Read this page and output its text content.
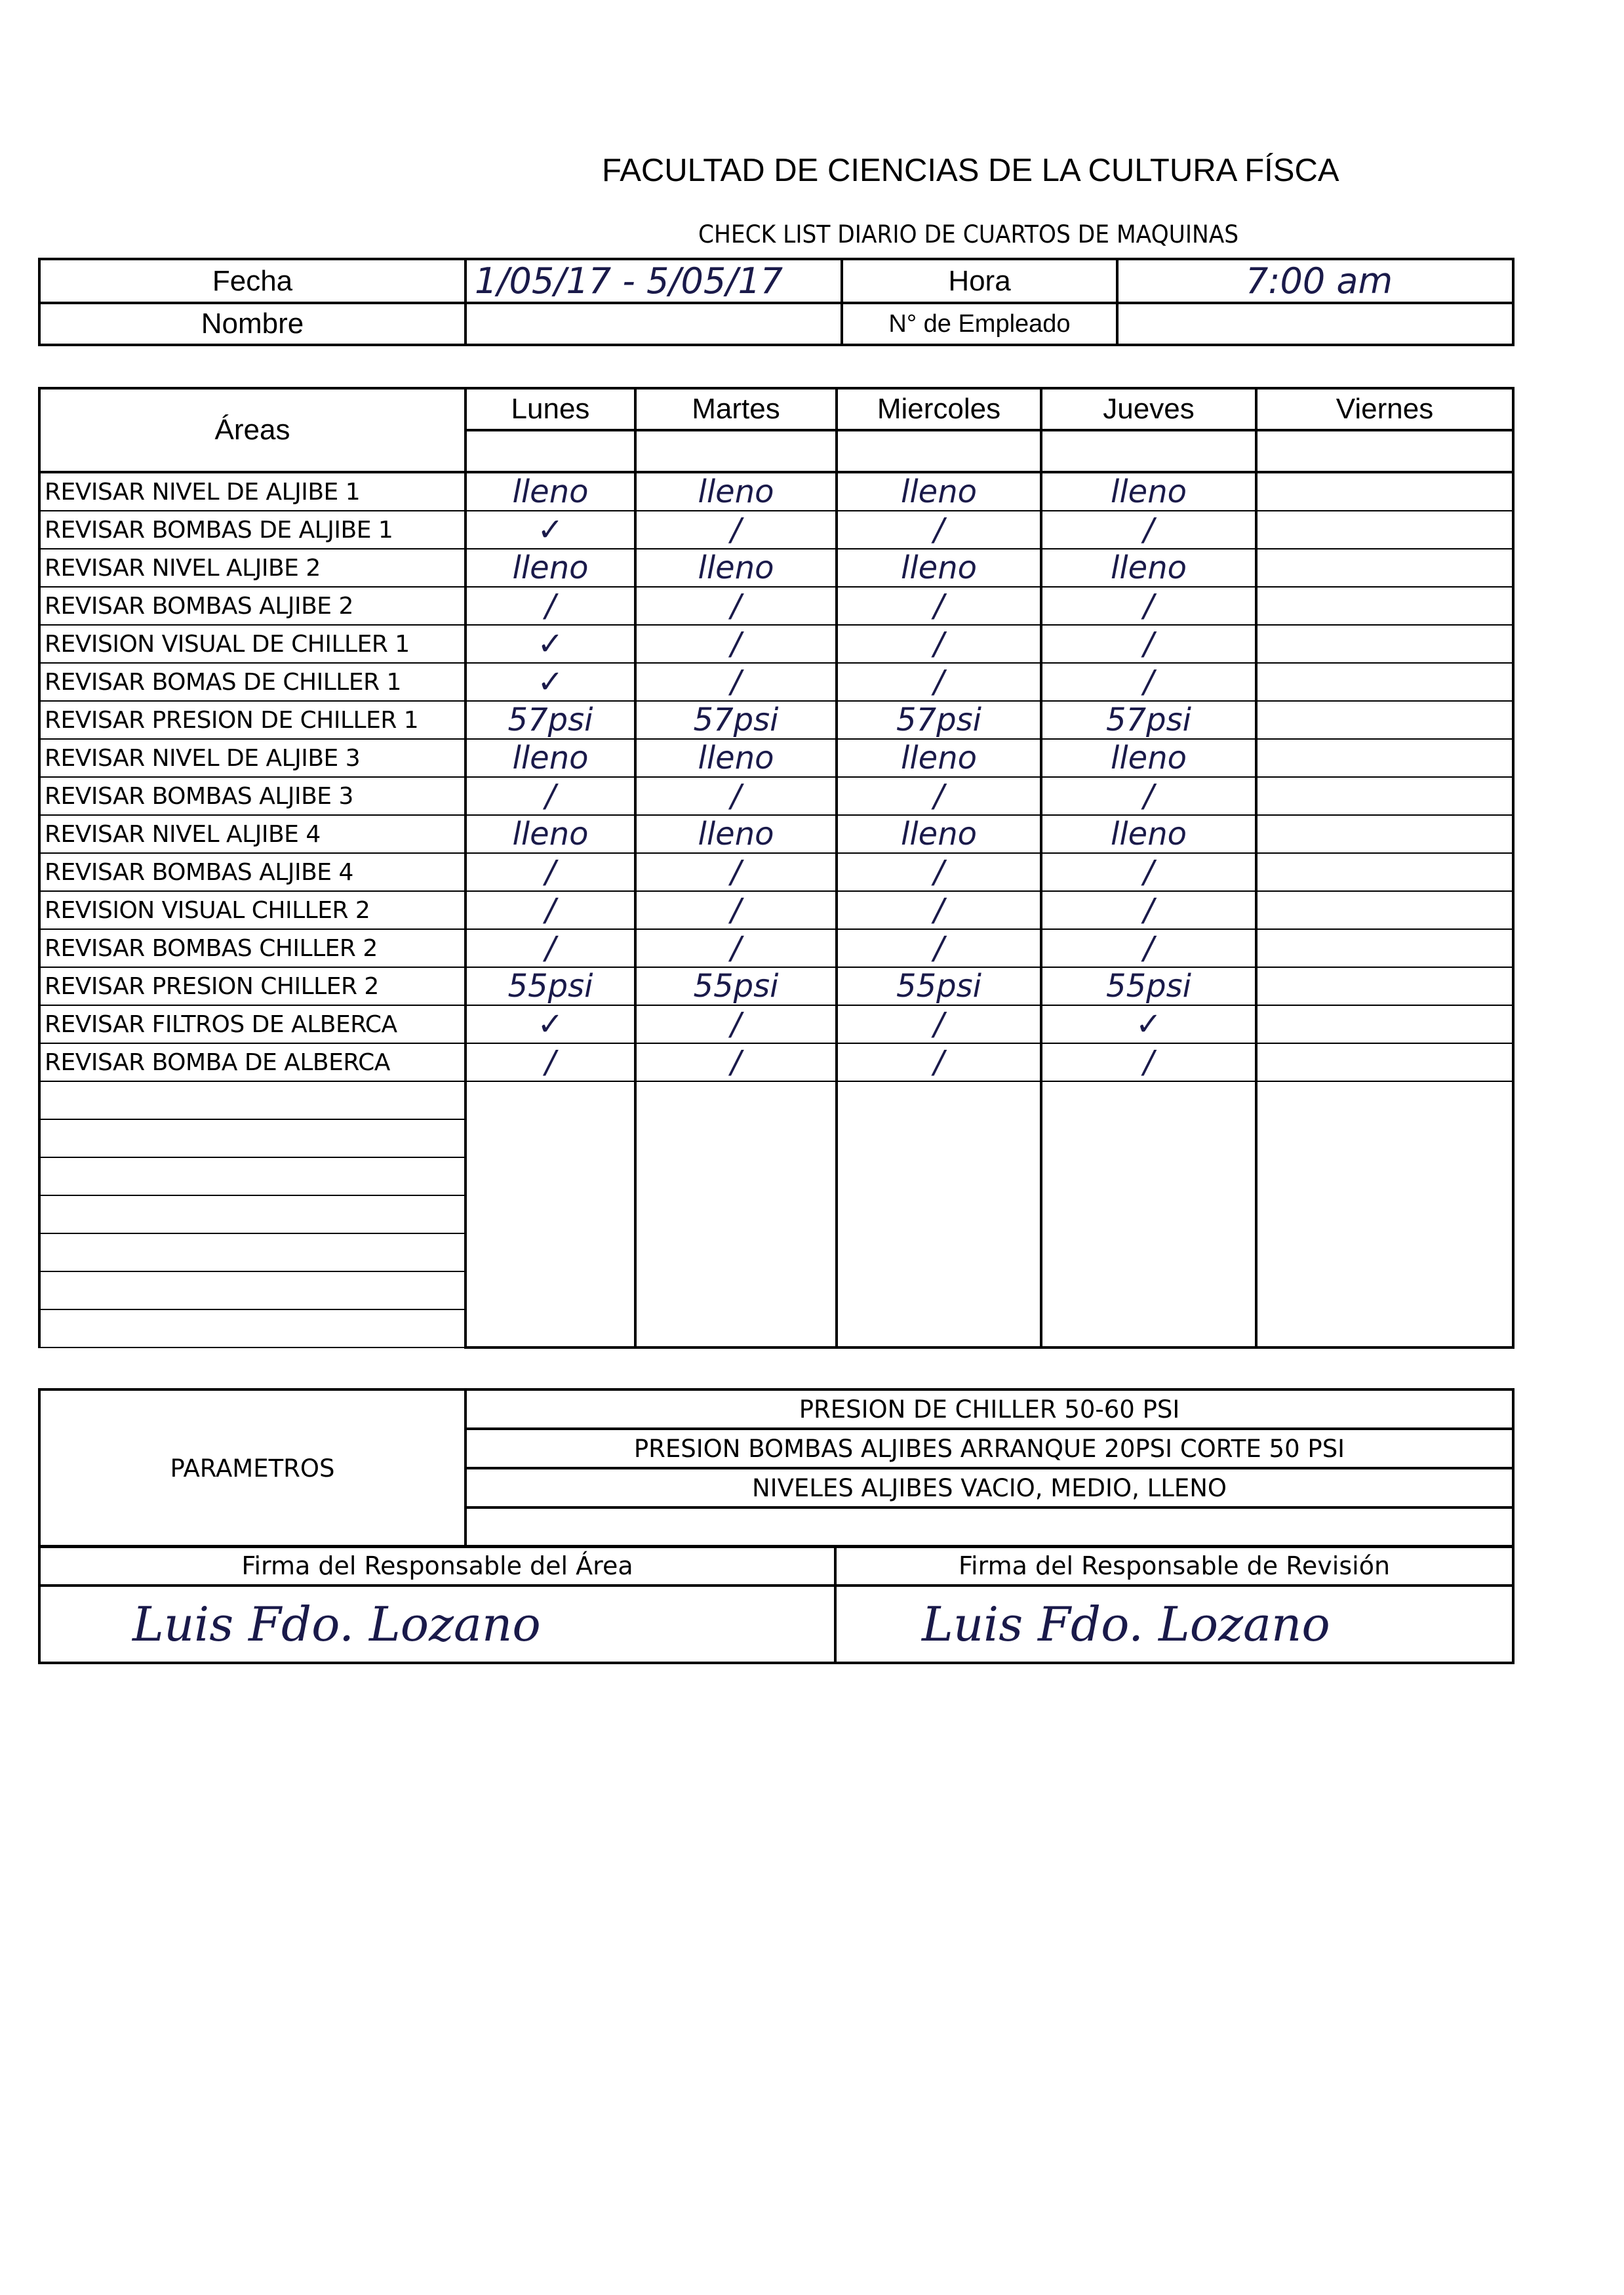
FACULTAD DE CIENCIAS DE LA CULTURA FÍSCA
CHECK LIST DIARIO DE CUARTOS DE MAQUINAS
Fecha	1/05/17 - 5/05/17	Hora	7:00 am
Nombre		N° de Empleado	
Áreas	Lunes	Martes	Miercoles	Jueves	Viernes

REVISAR NIVEL DE ALJIBE 1	lleno	lleno	lleno	lleno	
REVISAR BOMBAS DE ALJIBE 1	✓	/	/	/	
REVISAR NIVEL ALJIBE 2	lleno	lleno	lleno	lleno	
REVISAR BOMBAS ALJIBE 2	/	/	/	/	
REVISION VISUAL DE CHILLER 1	✓	/	/	/	
REVISAR BOMAS DE CHILLER 1	✓	/	/	/	
REVISAR PRESION DE CHILLER 1	57psi	57psi	57psi	57psi	
REVISAR NIVEL DE ALJIBE 3	lleno	lleno	lleno	lleno	
REVISAR BOMBAS ALJIBE 3	/	/	/	/	
REVISAR NIVEL ALJIBE 4	lleno	lleno	lleno	lleno	
REVISAR BOMBAS ALJIBE 4	/	/	/	/	
REVISION VISUAL CHILLER 2	/	/	/	/	
REVISAR BOMBAS CHILLER 2	/	/	/	/	
REVISAR PRESION CHILLER 2	55psi	55psi	55psi	55psi	
REVISAR FILTROS DE ALBERCA	✓	/	/	✓	
REVISAR BOMBA DE ALBERCA	/	/	/	/	

PARAMETROS	PRESION DE CHILLER 50-60 PSI
PRESION BOMBAS ALJIBES ARRANQUE 20PSI CORTE 50 PSI
NIVELES ALJIBES VACIO, MEDIO, LLENO

Firma del Responsable del Área	Firma del Responsable de Revisión
Luis Fdo. Lozano	Luis Fdo. Lozano
